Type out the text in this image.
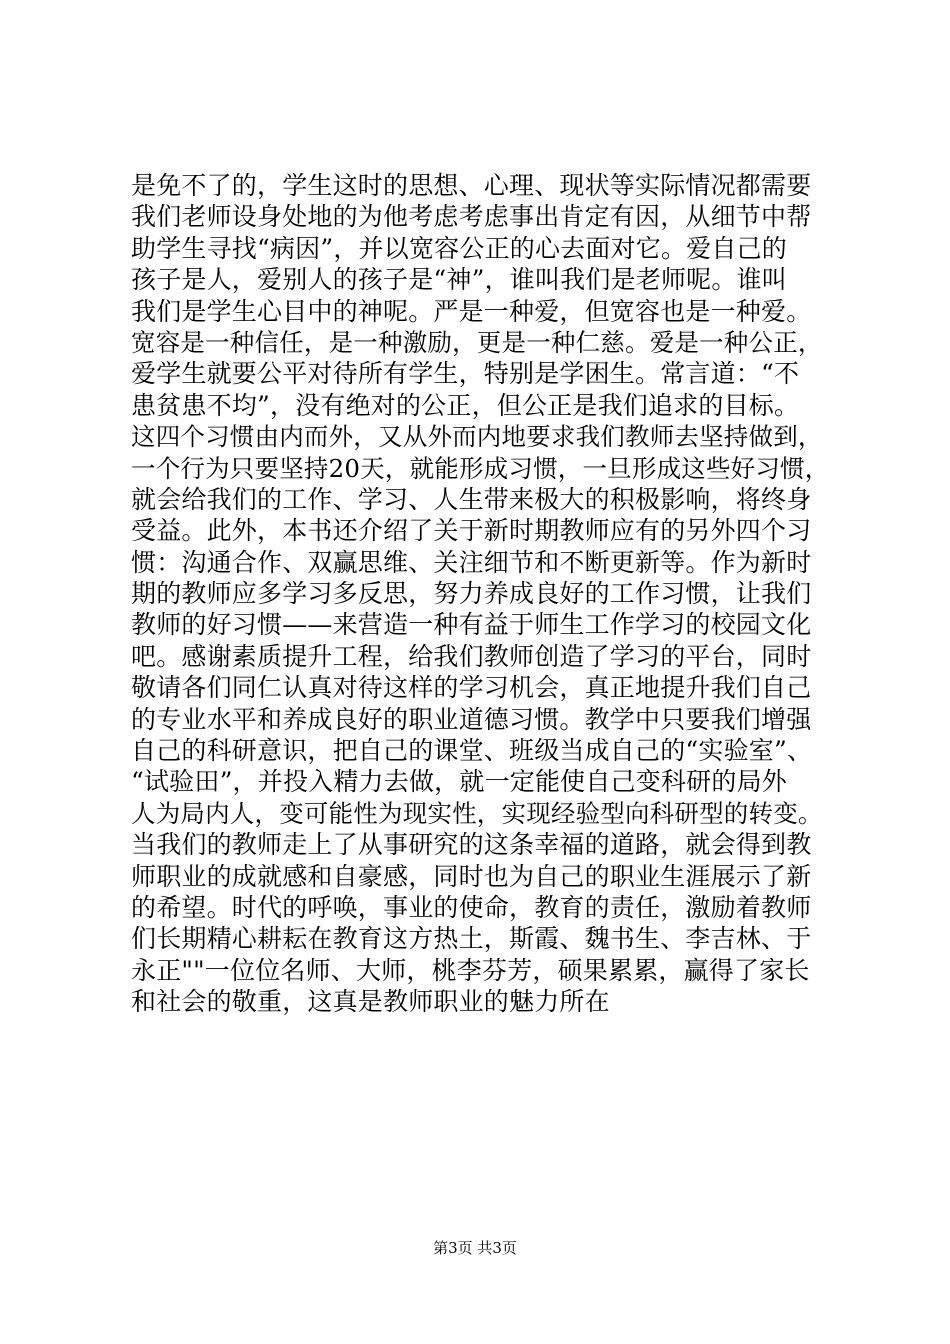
是免不了的，学生这时的思想、心理、现状等实际情况都需要
我们老师设身处地的为他考虑考虑事出肯定有因，从细节中帮
助学生寻找“病因”，并以宽容公正的心去面对它。爱自己的
孩子是人，爱别人的孩子是“神”，谁叫我们是老师呢。谁叫
我们是学生心目中的神呢。严是一种爱，但宽容也是一种爱。
宽容是一种信任，是一种激励，更是一种仁慈。爱是一种公正，
爱学生就要公平对待所有学生，特别是学困生。常言道：“不
患贫患不均”，没有绝对的公正，但公正是我们追求的目标。
这四个习惯由内而外，又从外而内地要求我们教师去坚持做到，
一个行为只要坚持20天，就能形成习惯，一旦形成这些好习惯，
就会给我们的工作、学习、人生带来极大的积极影响，将终身
受益。此外，本书还介绍了关于新时期教师应有的另外四个习
惯：沟通合作、双赢思维、关注细节和不断更新等。作为新时
期的教师应多学习多反思，努力养成良好的工作习惯，让我们
教师的好习惯——来营造一种有益于师生工作学习的校园文化
吧。感谢素质提升工程，给我们教师创造了学习的平台，同时
敬请各们同仁认真对待这样的学习机会，真正地提升我们自己
的专业水平和养成良好的职业道德习惯。教学中只要我们增强
自己的科研意识，把自己的课堂、班级当成自己的“实验室”、
“试验田”，并投入精力去做，就一定能使自己变科研的局外
人为局内人，变可能性为现实性，实现经验型向科研型的转变。
当我们的教师走上了从事研究的这条幸福的道路，就会得到教
师职业的成就感和自豪感，同时也为自己的职业生涯展示了新
的希望。时代的呼唤，事业的使命，教育的责任，激励着教师
们长期精心耕耘在教育这方热土，斯霞、魏书生、李吉林、于
永正""一位位名师、大师，桃李芬芳，硕果累累，赢得了家长
和社会的敬重，这真是教师职业的魅力所在
第3页 共3页
